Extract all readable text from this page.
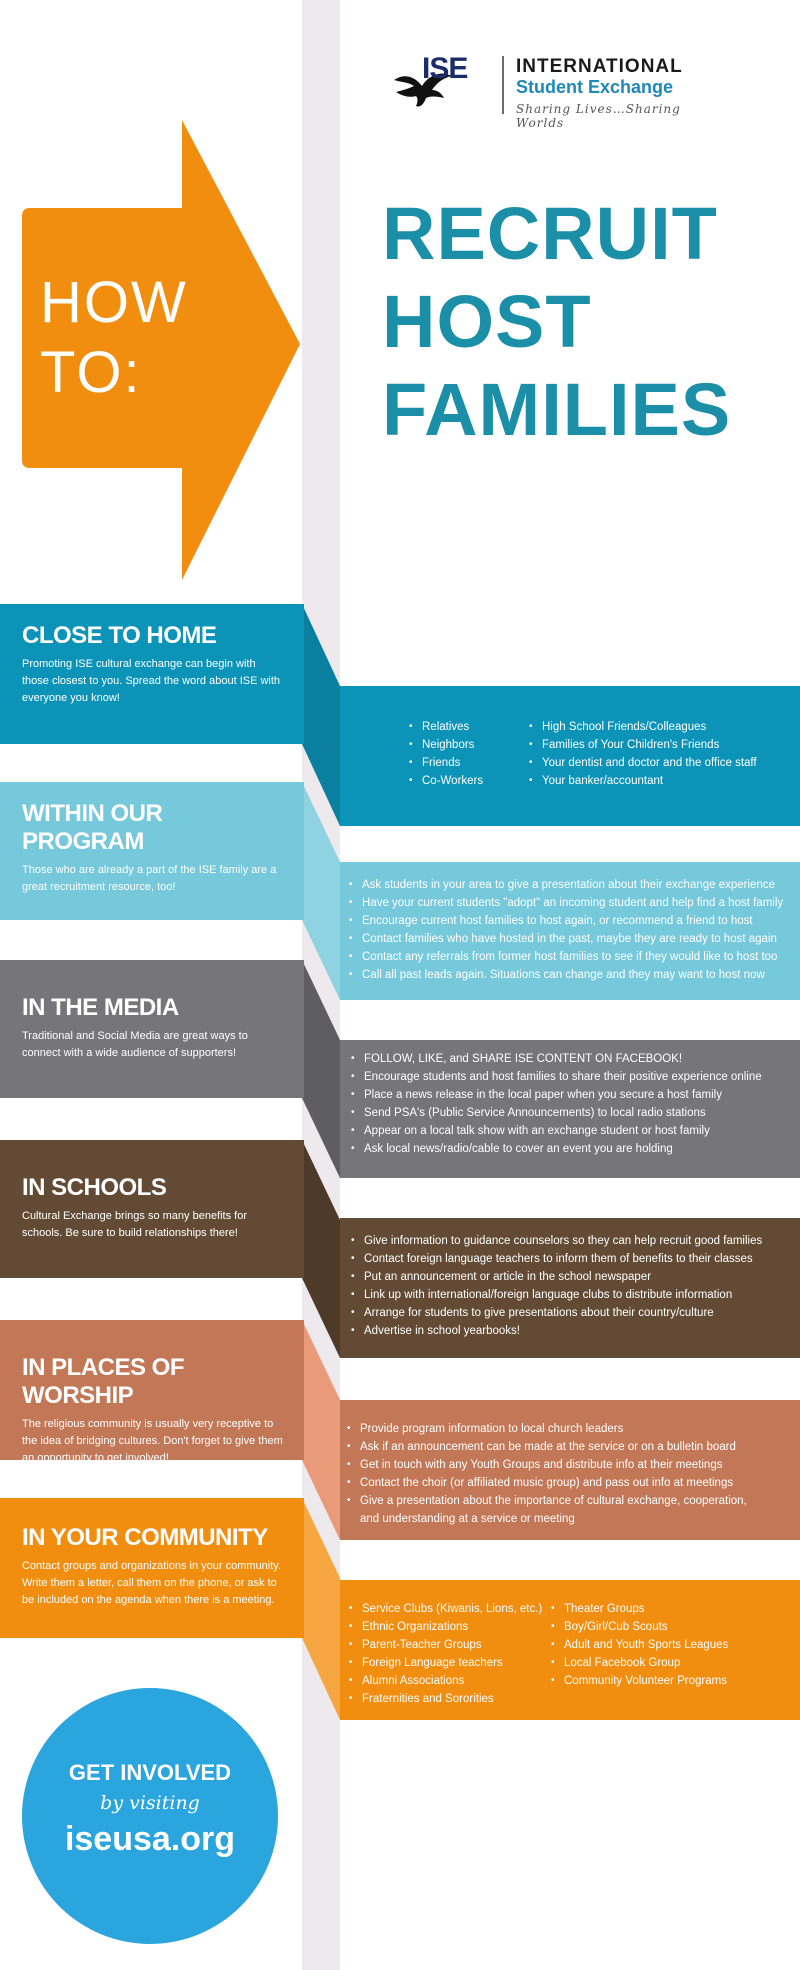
ISE	INTERNATIONAL
Student Exchange
Sharing Lives…Sharing Worlds
HOW
TO:
RECRUIT
HOST
FAMILIES
CLOSE TO HOME

Promoting ISE cultural exchange can begin with those closest to you. Spread the word about ISE with everyone you know!

• Relatives
• Neighbors
• Friends
• Co-Workers
• High School Friends/Colleagues
• Families of Your Children's Friends
• Your dentist and doctor and the office staff
• Your banker/accountant
WITHIN OUR PROGRAM

Those who are already a part of the ISE family are a great recruitment resource, too!	• Ask students in your area to give a presentation about their exchange experience
• Have your current students "adopt" an incoming student and help find a host family
• Encourage current host families to host again, or recommend a friend to host
• Contact families who have hosted in the past, maybe they are ready to host again
• Contact any referrals from former host families to see if they would like to host too
• Call all past leads again. Situations can change and they may want to host now
IN THE MEDIA

Traditional and Social Media are great ways to connect with a wide audience of supporters!	• FOLLOW, LIKE, and SHARE ISE CONTENT ON FACEBOOK!
• Encourage students and host families to share their positive experience online
• Place a news release in the local paper when you secure a host family
• Send PSA's (Public Service Announcements) to local radio stations
• Appear on a local talk show with an exchange student or host family
• Ask local news/radio/cable to cover an event you are holding
IN SCHOOLS

Cultural Exchange brings so many benefits for schools. Be sure to build relationships there!

• Give information to guidance counselors so they can help recruit good families
• Contact foreign language teachers to inform them of benefits to their classes
• Put an announcement or article in the school newspaper
• Link up with international/foreign language clubs to distribute information
• Arrange for students to give presentations about their country/culture
• Advertise in school yearbooks!
IN PLACES OF WORSHIP

The religious community is usually very receptive to the idea of bridging cultures. Don't forget to give them an opportunity to get involved!

• Provide program information to local church leaders
• Ask if an announcement can be made at the service or on a bulletin board
• Get in touch with any Youth Groups and distribute info at their meetings
• Contact the choir (or affiliated music group) and pass out info at meetings
• Give a presentation about the importance of cultural exchange, cooperation,
and understanding at a service or meeting
IN YOUR COMMUNITY

Contact groups and organizations in your community. Write them a letter, call them on the phone, or ask to be included on the agenda when there is a meeting.

• Service Clubs (Kiwanis, Lions, etc.)
• Ethnic Organizations
• Parent-Teacher Groups
• Foreign Language teachers
• Alumni Associations
• Fraternities and Sororities
• Theater Groups
• Boy/Girl/Cub Scouts
• Adult and Youth Sports Leagues
• Local Facebook Group
• Community Volunteer Programs
GET INVOLVED
by visiting
iseusa.org
